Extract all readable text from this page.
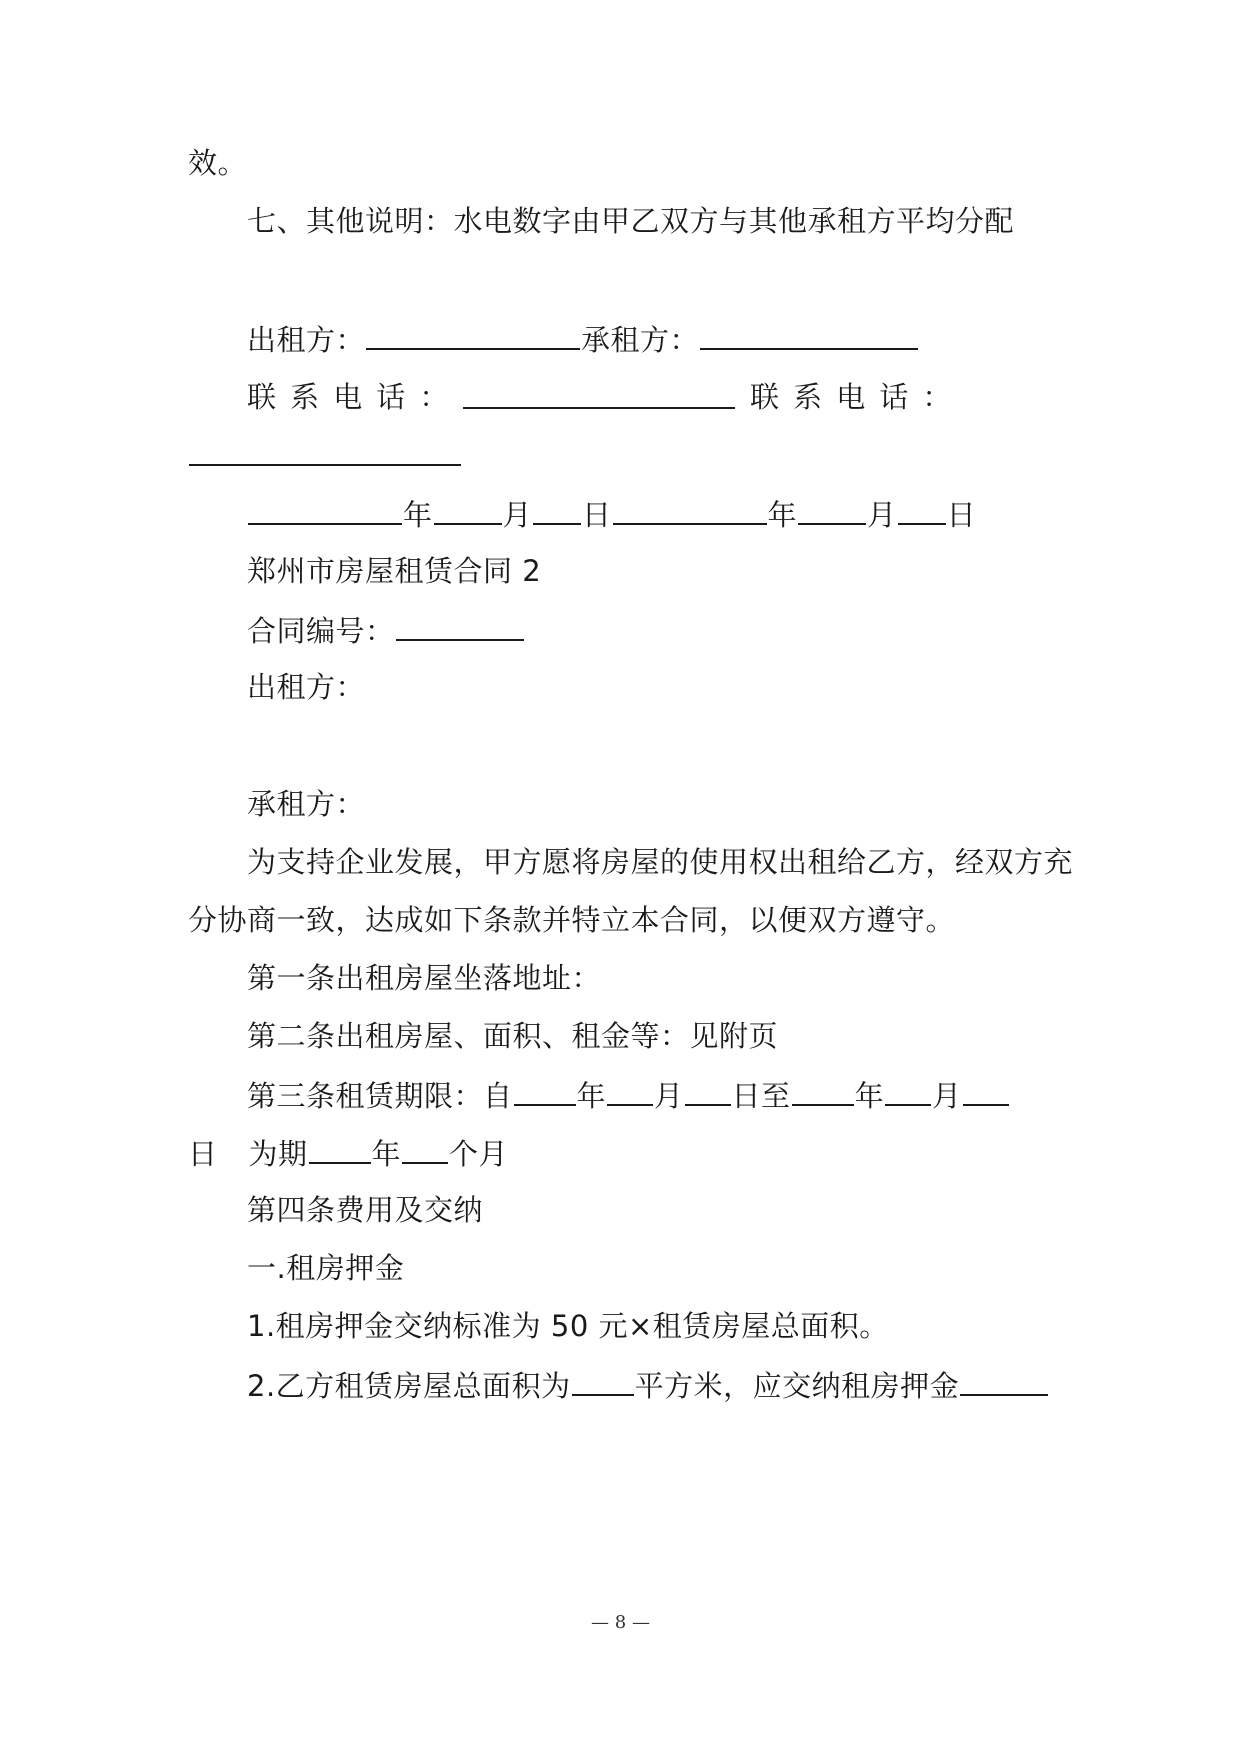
效。
七、其他说明：水电数字由甲乙双方与其他承租方平均分配
出租方：	承租方：
联 系 电 话 ：	联 系 电 话 ：
年 月 日	年 月 日
郑州市房屋租赁合同 2
合同编号：
出租方：
承租方：
为支持企业发展，甲方愿将房屋的使用权出租给乙方，经双方充
分协商一致，达成如下条款并特立本合同，以便双方遵守。
第一条出租房屋坐落地址：
第二条出租房屋、面积、租金等：见附页
第三条租赁期限：自 年 月 日至 年 月
日 为期 年 个月
第四条费用及交纳
一.租房押金
1.租房押金交纳标准为 50 元×租赁房屋总面积。
2.乙方租赁房屋总面积为 平方米，应交纳租房押金
— 8 —
